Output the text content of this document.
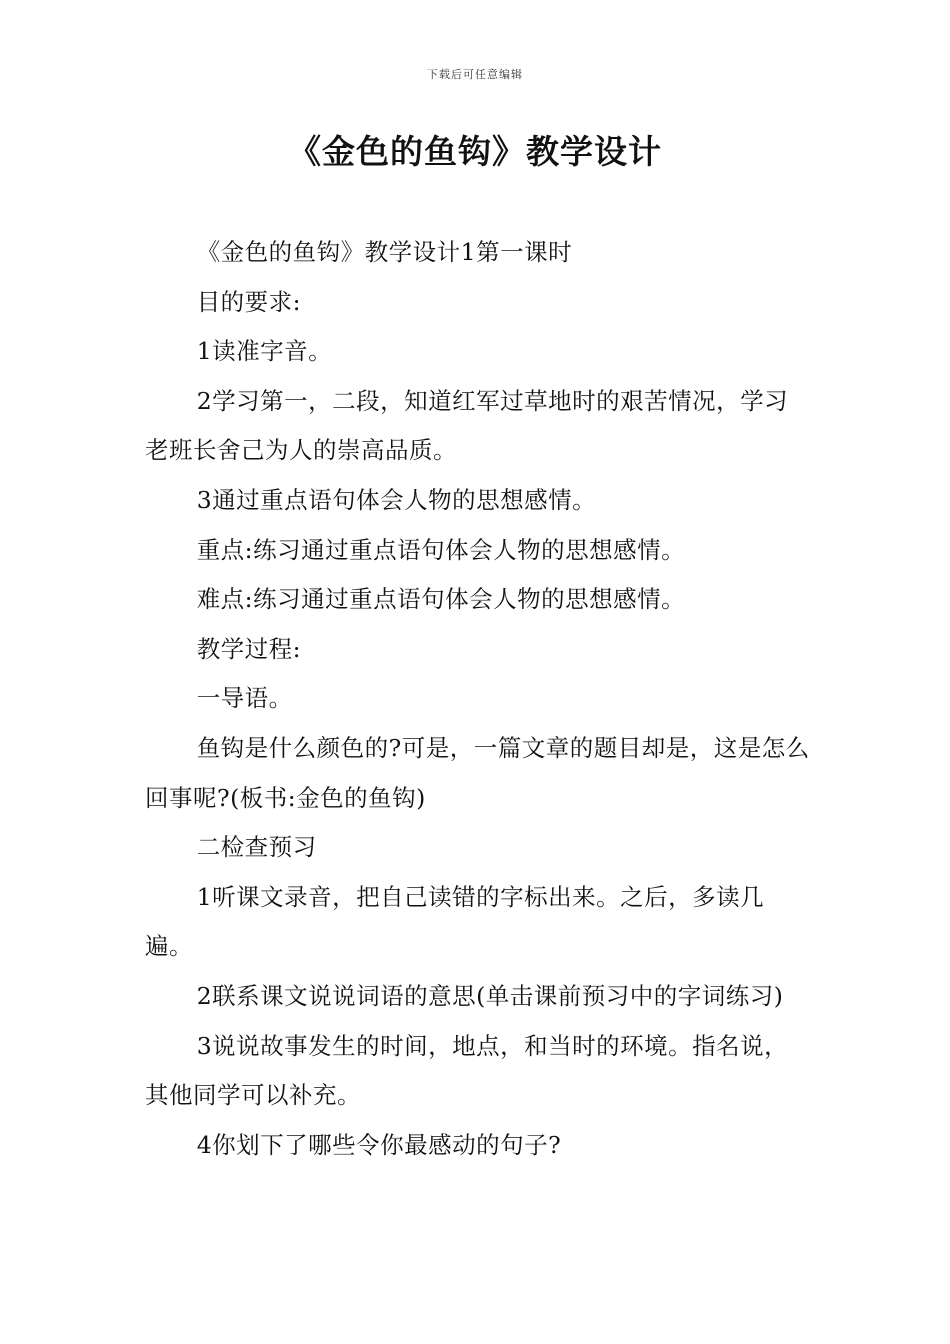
下载后可任意编辑
《金色的鱼钩》教学设计

《金色的鱼钩》教学设计1第一课时

目的要求:

1读准字音。

2学习第一，二段，知道红军过草地时的艰苦情况，学习老班长舍己为人的崇高品质。

3通过重点语句体会人物的思想感情。

重点:练习通过重点语句体会人物的思想感情。

难点:练习通过重点语句体会人物的思想感情。

教学过程:

一导语。

鱼钩是什么颜色的?可是，一篇文章的题目却是，这是怎么回事呢?(板书:金色的鱼钩)

二检查预习

1听课文录音，把自己读错的字标出来。之后，多读几遍。

2联系课文说说词语的意思(单击课前预习中的字词练习)

3说说故事发生的时间，地点，和当时的环境。指名说，其他同学可以补充。

4你划下了哪些令你最感动的句子?
